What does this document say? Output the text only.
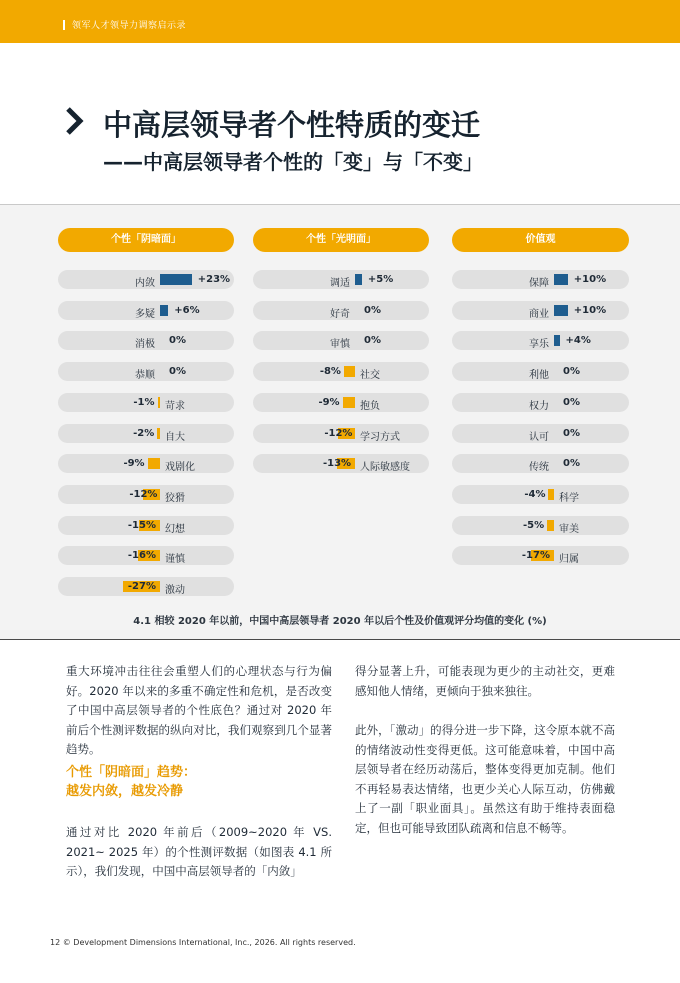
领军人才领导力调察启示录
中高层领导者个性特质的变迁
——中高层领导者个性的「变」与「不变」
个性「阴暗面」
内敛	+23%
多疑 +6%
消极 0%
恭顺 0%
-1% 苛求
-2% 自大
-9% 戏剧化
-12% 狡猾
-15% 幻想
-16% 谨慎
-27% 激动
个性「光明面」
调适 +5%
好奇 0%
审慎 0%
-8% 社交
-9% 抱负
-12% 学习方式
-13% 人际敏感度
价值观
保障 +10%
商业 +10%
享乐 +4%
利他 0%
权力 0%
认可 0%
传统 0%
-4% 科学
-5% 审美
-17% 归属
4.1 相较 2020 年以前，中国中高层领导者 2020 年以后个性及价值观评分均值的变化 (%)
重大环境冲击往往会重塑人们的心理状态与行为偏好。2020 年以来的多重不确定性和危机，是否改变了中国中高层领导者的个性底色？通过对 2020 年前后个性测评数据的纵向对比，我们观察到几个显著趋势。
个性「阴暗面」趋势：
越发内敛，越发冷静
通过对比 2020 年前后（2009~2020 年 VS. 2021~ 2025 年）的个性测评数据（如图表 4.1 所示），我们发现，中国中高层领导者的「内敛」
得分显著上升，可能表现为更少的主动社交，更难感知他人情绪，更倾向于独来独往。
此外，「激动」的得分进一步下降，这令原本就不高的情绪波动性变得更低。这可能意味着，中国中高层领导者在经历动荡后，整体变得更加克制。他们不再轻易表达情绪，也更少关心人际互动，仿佛戴上了一副「职业面具」。虽然这有助于维持表面稳定，但也可能导致团队疏离和信息不畅等。
12 © Development Dimensions International, Inc., 2026. All rights reserved.
